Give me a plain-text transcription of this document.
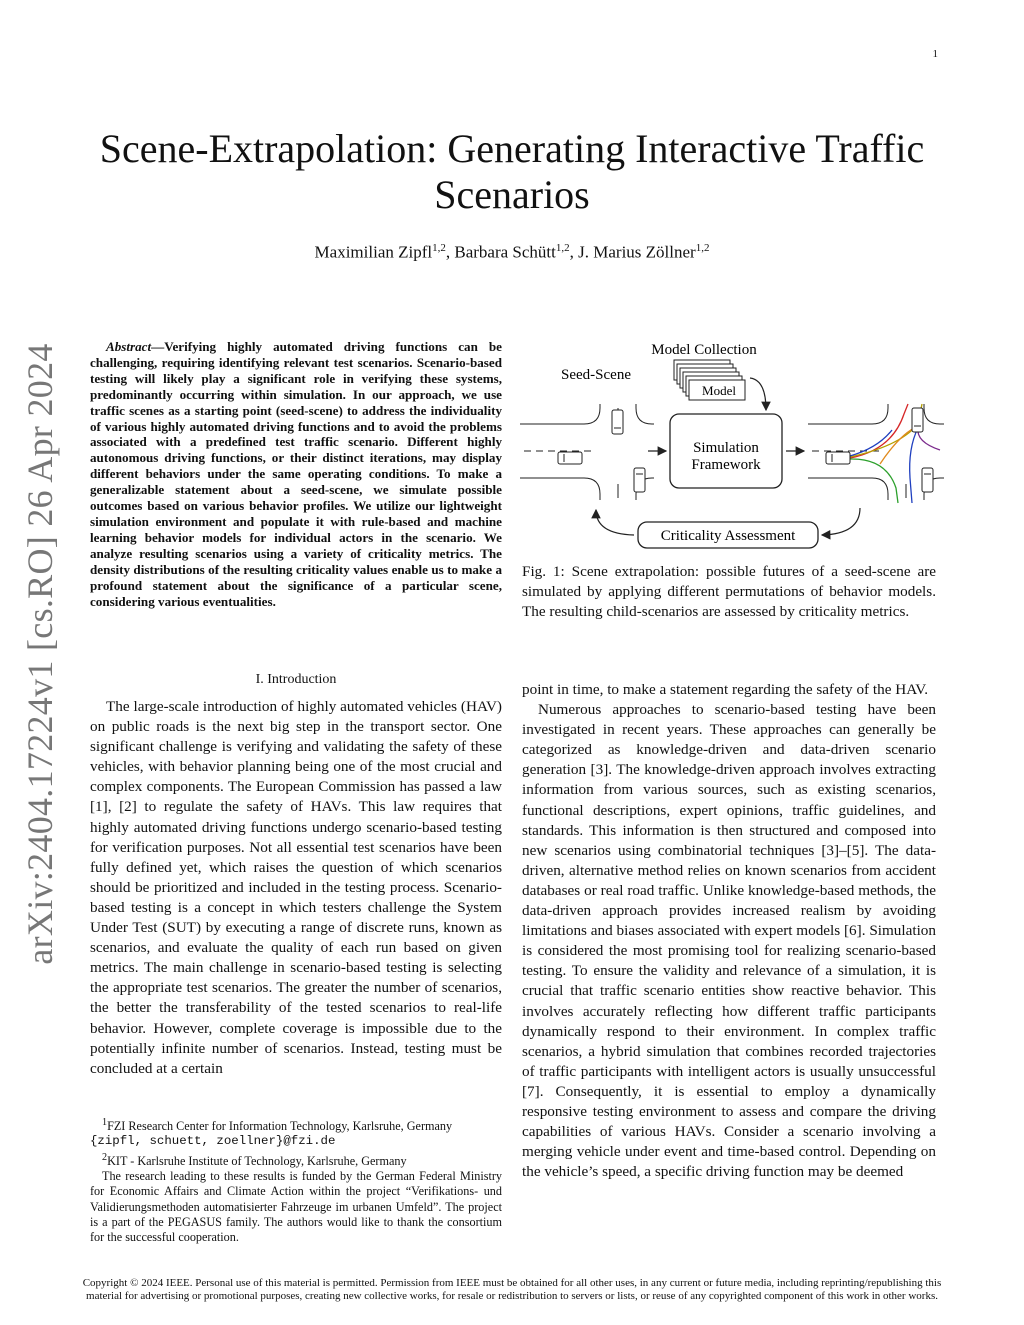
1
arXiv:2404.17224v1 [cs.RO] 26 Apr 2024
Scene-Extrapolation: Generating Interactive Traffic Scenarios
Maximilian Zipfl$^{1,2}$, Barbara Schütt$^{1,2}$, J. Marius Zöllner$^{1,2}$
Abstract—Verifying highly automated driving functions can be challenging, requiring identifying relevant test scenarios. Scenario-based testing will likely play a significant role in verifying these systems, predominantly occurring within simulation. In our approach, we use traffic scenes as a starting point (seed-scene) to address the individuality of various highly automated driving functions and to avoid the problems associated with a predefined test traffic scenario. Different highly autonomous driving functions, or their distinct iterations, may display different behaviors under the same operating conditions. To make a generalizable statement about a seed-scene, we simulate possible outcomes based on various behavior profiles. We utilize our lightweight simulation environment and populate it with rule-based and machine learning behavior models for individual actors in the scenario. We analyze resulting scenarios using a variety of criticality metrics. The density distributions of the resulting criticality values enable us to make a profound statement about the significance of a particular scene, considering various eventualities.
I. Introduction

The large-scale introduction of highly automated vehicles (HAV) on public roads is the next big step in the transport sector. One significant challenge is verifying and validating the safety of these vehicles, with behavior planning being one of the most crucial and complex components. The European Commission has passed a law [1], [2] to regulate the safety of HAVs. This law requires that highly automated driving functions undergo scenario-based testing for verification purposes. Not all essential test scenarios have been fully defined yet, which raises the question of which scenarios should be prioritized and included in the testing process. Scenario-based testing is a concept in which testers challenge the System Under Test (SUT) by executing a range of discrete runs, known as scenarios, and evaluate the quality of each run based on given metrics. The main challenge in scenario-based testing is selecting the appropriate test scenarios. The greater the number of scenarios, the better the transferability of the tested scenarios to real-life behavior. However, complete coverage is impossible due to the potentially infinite number of scenarios. Instead, testing must be concluded at a certain

$^1$FZI Research Center for Information Technology, Karlsruhe, Germany
{zipfl, schuett, zoellner}@fzi.de
$^2$KIT - Karlsruhe Institute of Technology, Karlsruhe, Germany
The research leading to these results is funded by the German Federal Ministry for Economic Affairs and Climate Action within the project “Verifikations- und Validierungsmethoden automatisierter Fahrzeuge im urbanen Umfeld”. The project is a part of the PEGASUS family. The authors would like to thank the consortium for the successful cooperation.
Model Collection
Seed-Scene
Model
Simulation
Framework
Criticality Assessment
Fig. 1: Scene extrapolation: possible futures of a seed-scene are simulated by applying different permutations of behavior models. The resulting child-scenarios are assessed by criticality metrics.

point in time, to make a statement regarding the safety of the HAV.

Numerous approaches to scenario-based testing have been investigated in recent years. These approaches can generally be categorized as knowledge-driven and data-driven scenario generation [3]. The knowledge-driven approach involves extracting information from various sources, such as existing scenarios, functional descriptions, expert opinions, traffic guidelines, and standards. This information is then structured and composed into new scenarios using combinatorial techniques [3]–[5]. The data-driven, alternative method relies on known scenarios from accident databases or real road traffic. Unlike knowledge-based methods, the data-driven approach provides increased realism by avoiding limitations and biases associated with expert models [6]. Simulation is considered the most promising tool for realizing scenario-based testing. To ensure the validity and relevance of a simulation, it is crucial that traffic scenario entities show reactive behavior. This involves accurately reflecting how different traffic participants dynamically respond to their environment. In complex traffic scenarios, a hybrid simulation that combines recorded trajectories of traffic participants with intelligent actors is usually unsuccessful [7]. Consequently, it is essential to employ a dynamically responsive testing environment to assess and compare the driving capabilities of various HAVs. Consider a scenario involving a merging vehicle under event and time-based control. Depending on the vehicle’s speed, a specific driving function may be deemed

Copyright © 2024 IEEE. Personal use of this material is permitted. Permission from IEEE must be obtained for all other uses, in any current or future media, including reprinting/republishing this material for advertising or promotional purposes, creating new collective works, for resale or redistribution to servers or lists, or reuse of any copyrighted component of this work in other works.
